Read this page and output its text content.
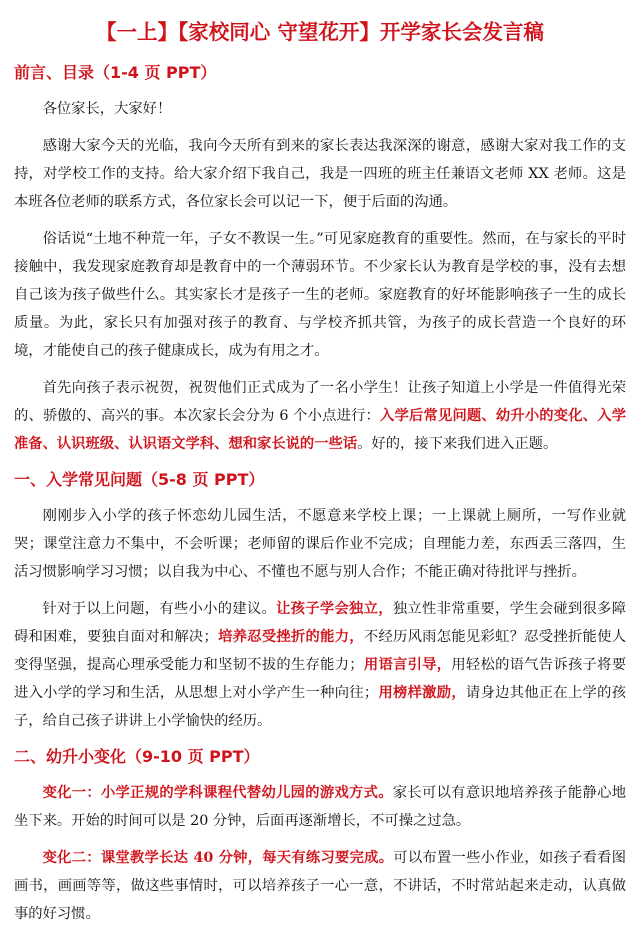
【一上】【家校同心 守望花开】开学家长会发言稿
前言、目录（1-4 页 PPT）

各位家长，大家好！

感谢大家今天的光临，我向今天所有到来的家长表达我深深的谢意，感谢大家对我工作的支持，对学校工作的支持。给大家介绍下我自己，我是一四班的班主任兼语文老师 XX 老师。这是本班各位老师的联系方式，各位家长会可以记一下，便于后面的沟通。

俗话说“土地不种荒一年，子女不教误一生。”可见家庭教育的重要性。然而，在与家长的平时接触中，我发现家庭教育却是教育中的一个薄弱环节。不少家长认为教育是学校的事，没有去想自己该为孩子做些什么。其实家长才是孩子一生的老师。家庭教育的好坏能影响孩子一生的成长质量。为此，家长只有加强对孩子的教育、与学校齐抓共管，为孩子的成长营造一个良好的环境，才能使自己的孩子健康成长，成为有用之才。

首先向孩子表示祝贺，祝贺他们正式成为了一名小学生！让孩子知道上小学是一件值得光荣的、骄傲的、高兴的事。本次家长会分为 6 个小点进行：入学后常见问题、幼升小的变化、入学准备、认识班级、认识语文学科、想和家长说的一些话。好的，接下来我们进入正题。

一、入学常见问题（5-8 页 PPT）

刚刚步入小学的孩子怀恋幼儿园生活，不愿意来学校上课；一上课就上厕所，一写作业就哭；课堂注意力不集中，不会听课；老师留的课后作业不完成；自理能力差，东西丢三落四，生活习惯影响学习习惯；以自我为中心、不懂也不愿与别人合作；不能正确对待批评与挫折。

针对于以上问题，有些小小的建议。让孩子学会独立，独立性非常重要，学生会碰到很多障碍和困难，要独自面对和解决；培养忍受挫折的能力，不经历风雨怎能见彩虹？忍受挫折能使人变得坚强，提高心理承受能力和坚韧不拔的生存能力；用语言引导，用轻松的语气告诉孩子将要进入小学的学习和生活，从思想上对小学产生一种向往；用榜样激励，请身边其他正在上学的孩子，给自己孩子讲讲上小学愉快的经历。

二、幼升小变化（9-10 页 PPT）

变化一：小学正规的学科课程代替幼儿园的游戏方式。家长可以有意识地培养孩子能静心地坐下来。开始的时间可以是 20 分钟，后面再逐渐增长，不可操之过急。

变化二：课堂教学长达 40 分钟，每天有练习要完成。可以布置一些小作业，如孩子看看图画书，画画等等，做这些事情时，可以培养孩子一心一意，不讲话，不时常站起来走动，认真做事的好习惯。
